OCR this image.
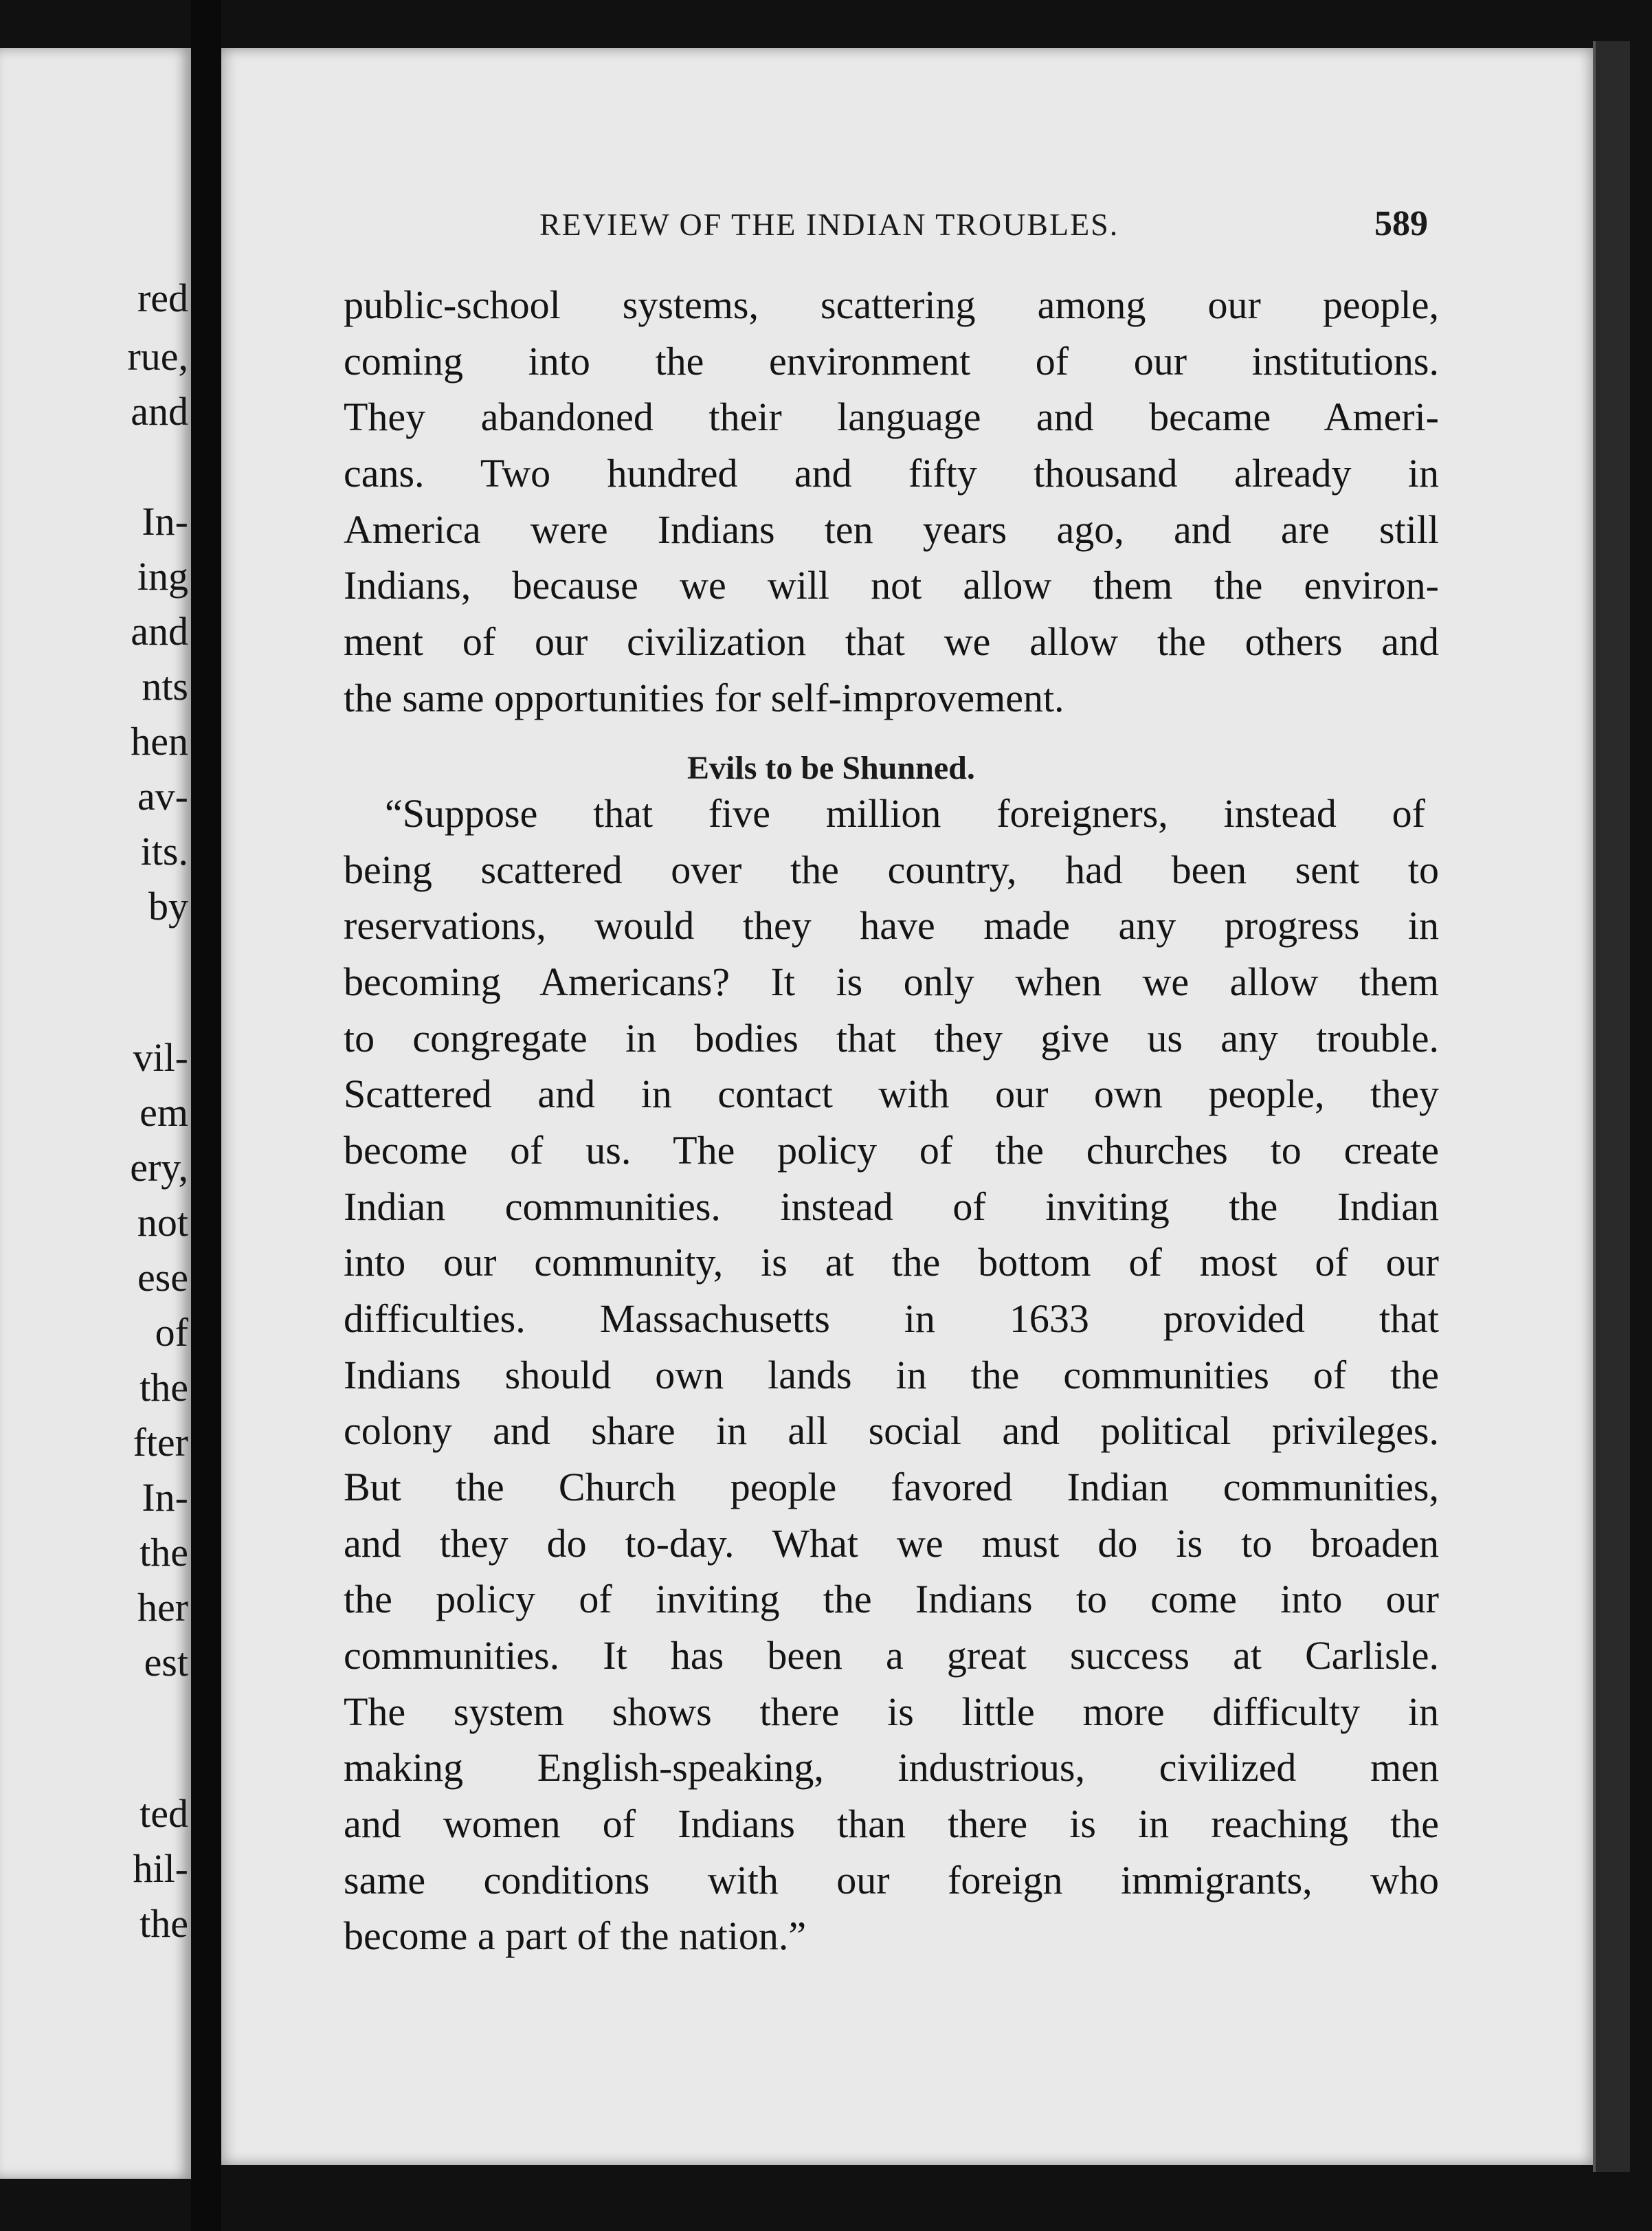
red

rue,

and

In-

ing

and

nts

hen

av-

its.

by

vil-

em

ery,

not

ese

of

the

fter

In-

the

her

est

ted

hil-

the

REVIEW OF THE INDIAN TROUBLES.	589

public-school systems, scattering among our people,

coming into the environment of our institutions.

They abandoned their language and became Ameri-

cans. Two hundred and fifty thousand already in

America were Indians ten years ago, and are still

Indians, because we will not allow them the environ-

ment of our civilization that we allow the others and

the same opportunities for self-improvement.

Evils to be Shunned.

“Suppose that five million foreigners, instead of

being scattered over the country, had been sent to

reservations, would they have made any progress in

becoming Americans? It is only when we allow them

to congregate in bodies that they give us any trouble.

Scattered and in contact with our own people, they

become of us. The policy of the churches to create

Indian communities. instead of inviting the Indian

into our community, is at the bottom of most of our

difficulties. Massachusetts in 1633 provided that

Indians should own lands in the communities of the

colony and share in all social and political privileges.

But the Church people favored Indian communities,

and they do to-day. What we must do is to broaden

the policy of inviting the Indians to come into our

communities. It has been a great success at Carlisle.

The system shows there is little more difficulty in

making English-speaking, industrious, civilized men

and women of Indians than there is in reaching the

same conditions with our foreign immigrants, who

become a part of the nation.”
